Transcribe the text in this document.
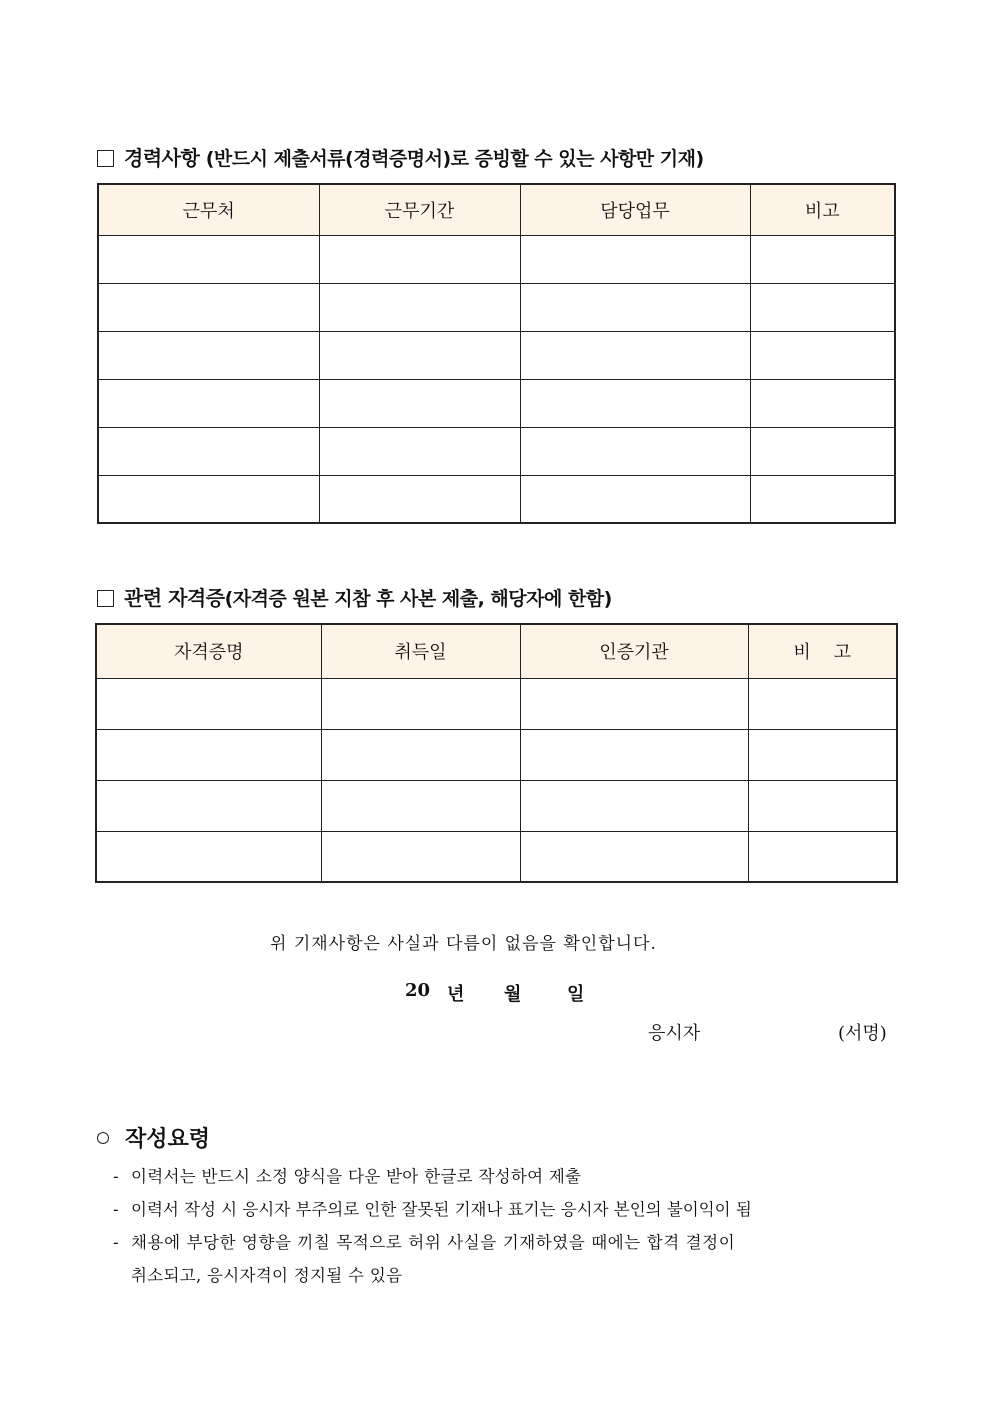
경력사항 (반드시 제출서류(경력증명서)로 증빙할 수 있는 사항만 기재)
근무처	근무기간	담당업무	비고

관련 자격증(자격증 원본 지참 후 사본 제출, 해당자에 한함)
자격증명	취득일	인증기관	비    고

위 기재사항은 사실과 다름이 없음을 확인합니다.
20 년 월	일
응시자	(서명)
작성요령
- 이력서는 반드시 소정 양식을 다운 받아 한글로 작성하여 제출
- 이력서 작성 시 응시자 부주의로 인한 잘못된 기재나 표기는 응시자 본인의 불이익이 됨
- 채용에 부당한 영향을 끼칠 목적으로 허위 사실을 기재하였을 때에는 합격 결정이
취소되고, 응시자격이 정지될 수 있음
